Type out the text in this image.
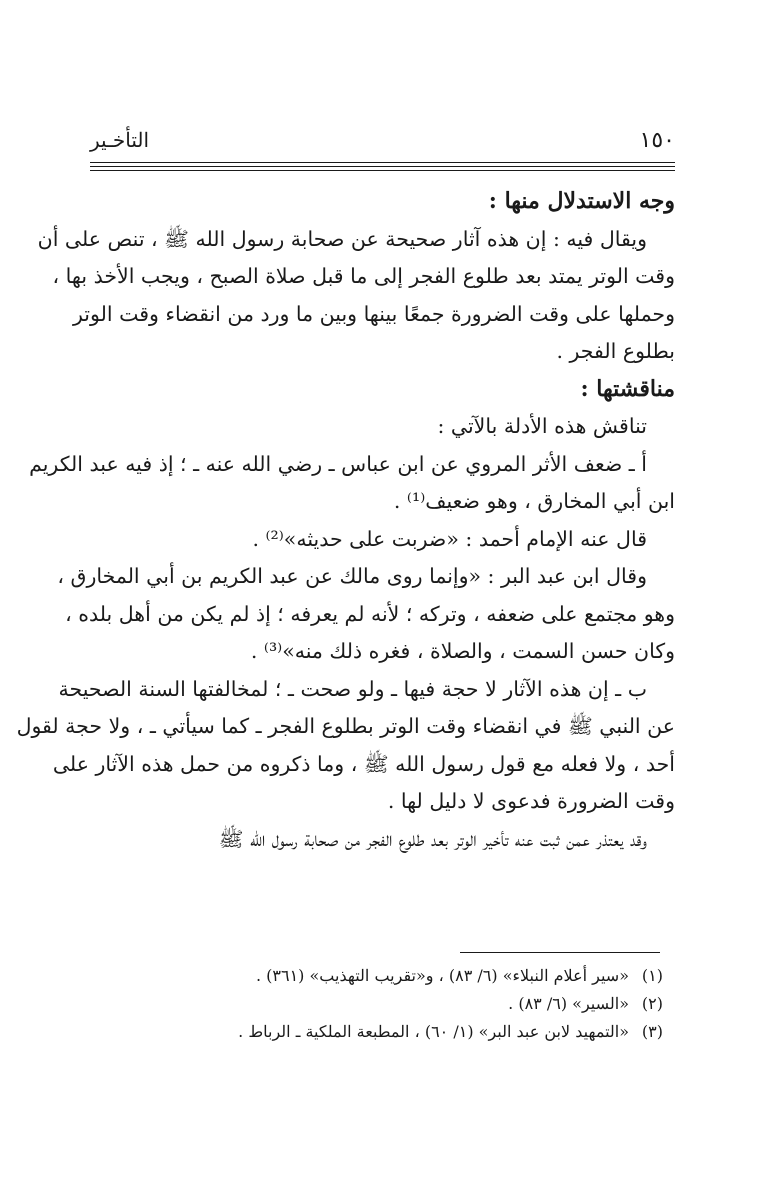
١٥٠
التأخـير
وجه الاستدلال منها :
ويقال فيه : إن هذه آثار صحيحة عن صحابة رسول الله ﷺ ، تنص على أن
وقت الوتر يمتد بعد طلوع الفجر إلى ما قبل صلاة الصبح ، ويجب الأخذ بها ،
وحملها على وقت الضرورة جمعًا بينها وبين ما ورد من انقضاء وقت الوتر
بطلوع الفجر .
مناقشتها :
تناقش هذه الأدلة بالآتي :
أ ـ ضعف الأثر المروي عن ابن عباس ـ رضي الله عنه ـ ؛ إذ فيه عبد الكريم
ابن أبي المخارق ، وهو ضعيف⁽¹⁾ .
قال عنه الإمام أحمد : «ضربت على حديثه»⁽²⁾ .
وقال ابن عبد البر : «وإنما روى مالك عن عبد الكريم بن أبي المخارق ،
وهو مجتمع على ضعفه ، وتركه ؛ لأنه لم يعرفه ؛ إذ لم يكن من أهل بلده ،
وكان حسن السمت ، والصلاة ، فغره ذلك منه»⁽³⁾ .
ب ـ إن هذه الآثار لا حجة فيها ـ ولو صحت ـ ؛ لمخالفتها السنة الصحيحة
عن النبي ﷺ في انقضاء وقت الوتر بطلوع الفجر ـ كما سيأتي ـ ، ولا حجة لقول
أحد ، ولا فعله مع قول رسول الله ﷺ ، وما ذكروه من حمل هذه الآثار على
وقت الضرورة فدعوى لا دليل لها .
وقد يعتذر عمن ثبت عنه تأخير الوتر بعد طلوع الفجر من صحابة رسول الله ﷺ
(١)«سير أعلام النبلاء» (٦/ ٨٣) ، و«تقريب التهذيب» (٣٦١) .
(٢)«السير» (٦/ ٨٣) .
(٣)«التمهيد لابن عبد البر» (١/ ٦٠) ، المطبعة الملكية ـ الرباط .
